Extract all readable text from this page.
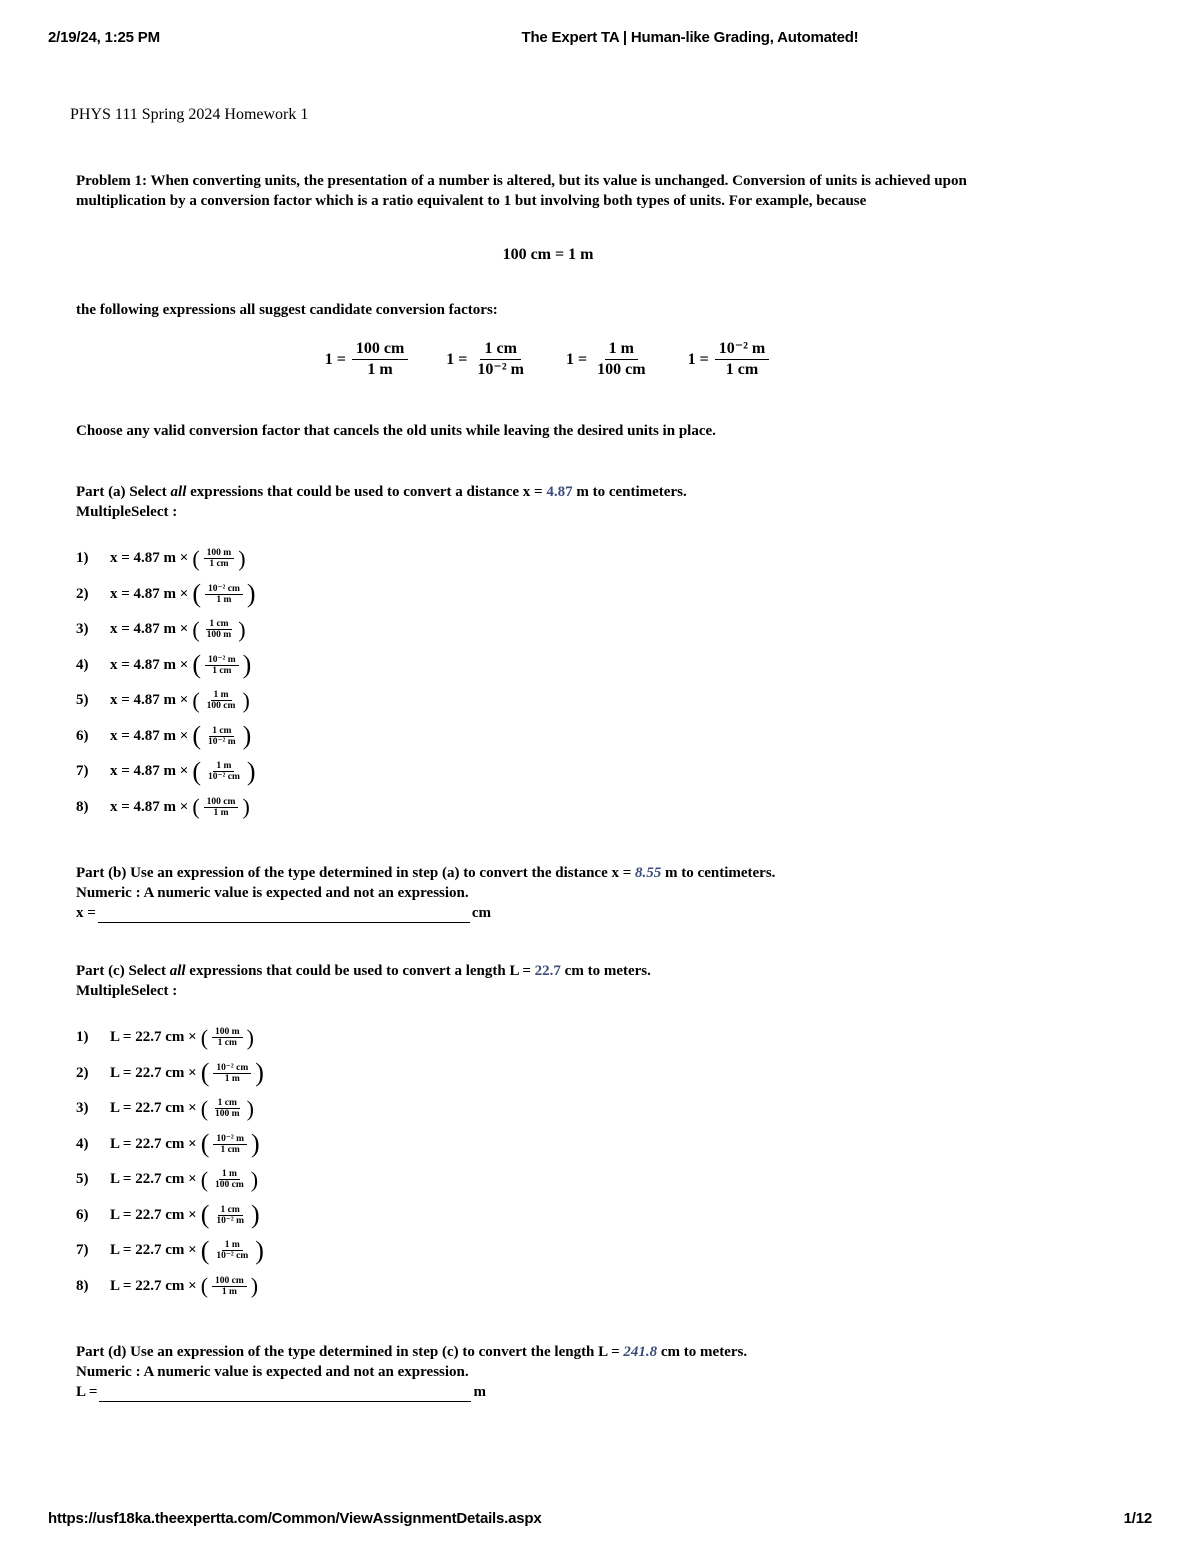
2/19/24, 1:25 PM	The Expert TA | Human-like Grading, Automated!
PHYS 111 Spring 2024 Homework 1
Problem 1: When converting units, the presentation of a number is altered, but its value is unchanged. Conversion of units is achieved upon multiplication by a conversion factor which is a ratio equivalent to 1 but involving both types of units. For example, because
100 cm = 1 m
the following expressions all suggest candidate conversion factors:
$1 = \frac{100 cm}{1 m} 1 = \frac{1 cm}{\text{10⁻² m}} 1 = \frac{1 m}{100 cm} 1 = \frac{\text{10⁻² m}}{1 cm}$
Choose any valid conversion factor that cancels the old units while leaving the desired units in place.
Part (a) Select all expressions that could be used to convert a distance x = 4.87 m to centimeters.
MultipleSelect :
1)	x = 4.87 m × ( $\frac{100 m}{1 cm}$ )
2)	x = 4.87 m × ( $\frac{\text{10⁻² cm}}{1 m}$ )
3)	x = 4.87 m × ( $\frac{1 cm}{100 m}$ )
4)	x = 4.87 m × ( $\frac{\text{10⁻² m}}{1 cm}$ )
5)	x = 4.87 m × ( $\frac{1 m}{100 cm}$ )
6)	x = 4.87 m × ( $\frac{1 cm}{\text{10⁻² m}}$ )
7)	x = 4.87 m × ( $\frac{1 m}{\text{10⁻² cm}}$ )
8)	x = 4.87 m × ( $\frac{100 cm}{1 m}$ )
Part (b) Use an expression of the type determined in step (a) to convert the distance x = 8.55 m to centimeters.
Numeric : A numeric value is expected and not an expression.
x =	cm
Part (c) Select all expressions that could be used to convert a length L = 22.7 cm to meters.
MultipleSelect :
1)	L = 22.7 cm × ( $\frac{100 m}{1 cm}$ )
2)	L = 22.7 cm × ( $\frac{\text{10⁻² cm}}{1 m}$ )
3)	L = 22.7 cm × ( $\frac{1 cm}{100 m}$ )
4)	L = 22.7 cm × ( $\frac{\text{10⁻² m}}{1 cm}$ )
5)	L = 22.7 cm × ( $\frac{1 m}{100 cm}$ )
6)	L = 22.7 cm × ( $\frac{1 cm}{\text{10⁻² m}}$ )
7)	L = 22.7 cm × ( $\frac{1 m}{\text{10⁻² cm}}$ )
8)	L = 22.7 cm × ( $\frac{100 cm}{1 m}$ )
Part (d) Use an expression of the type determined in step (c) to convert the length L = 241.8 cm to meters.
Numeric : A numeric value is expected and not an expression.
L =	m
https://usf18ka.theexpertta.com/Common/ViewAssignmentDetails.aspx	1/12
